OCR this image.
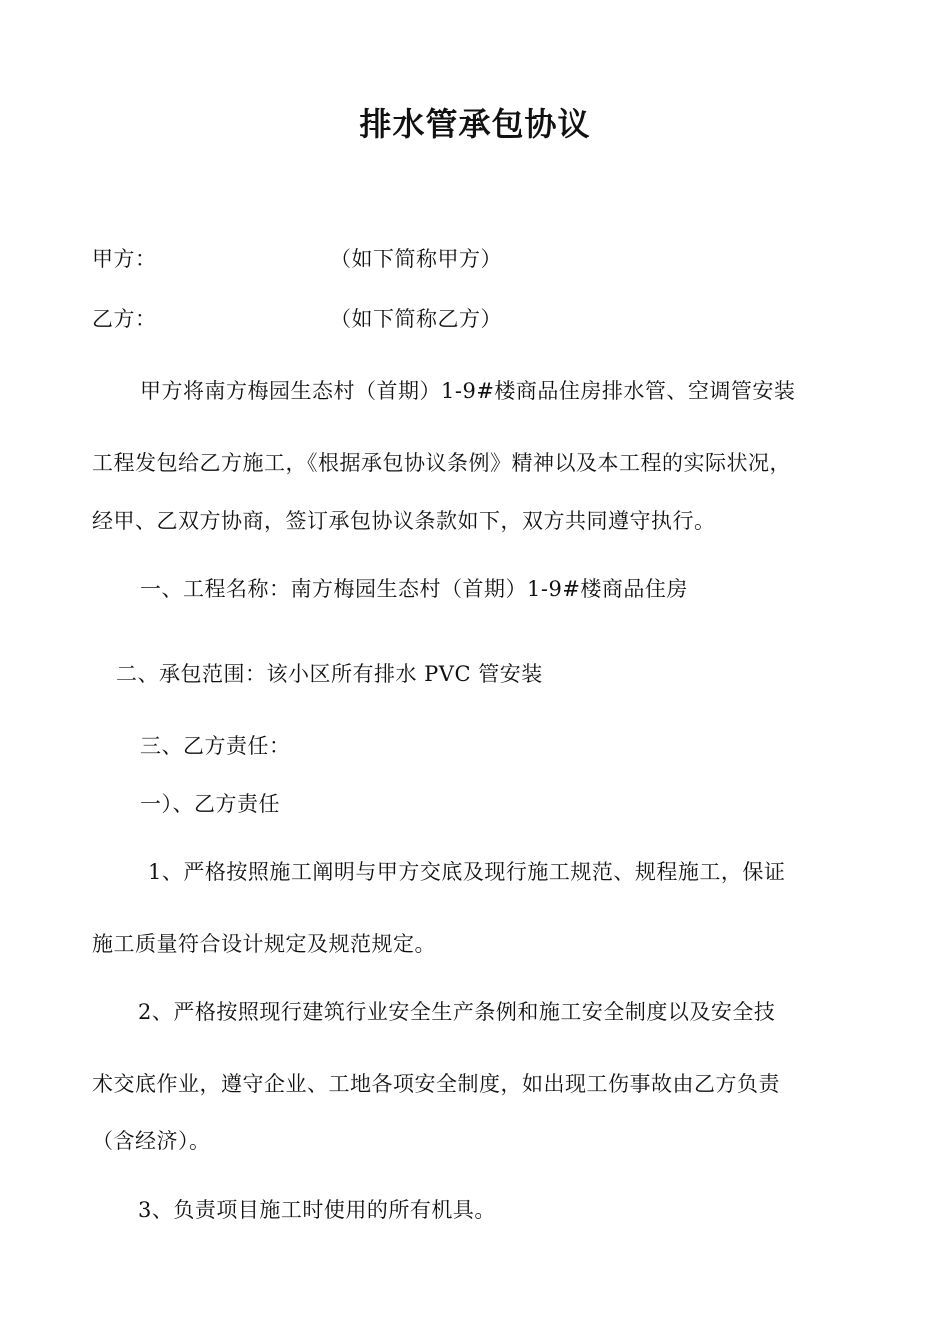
排水管承包协议
甲方：	（如下简称甲方）
乙方：	（如下简称乙方）
甲方将南方梅园生态村（首期）1-9#楼商品住房排水管、空调管安装
工程发包给乙方施工，《根据承包协议条例》精神以及本工程的实际状况，
经甲、乙双方协商，签订承包协议条款如下，双方共同遵守执行。
一、工程名称：南方梅园生态村（首期）1-9#楼商品住房
二、承包范围：该小区所有排水 PVC 管安装
三、乙方责任：
一）、乙方责任
1、严格按照施工阐明与甲方交底及现行施工规范、规程施工，保证
施工质量符合设计规定及规范规定。
2、严格按照现行建筑行业安全生产条例和施工安全制度以及安全技
术交底作业，遵守企业、工地各项安全制度，如出现工伤事故由乙方负责
（含经济）。
3、负责项目施工时使用的所有机具。
